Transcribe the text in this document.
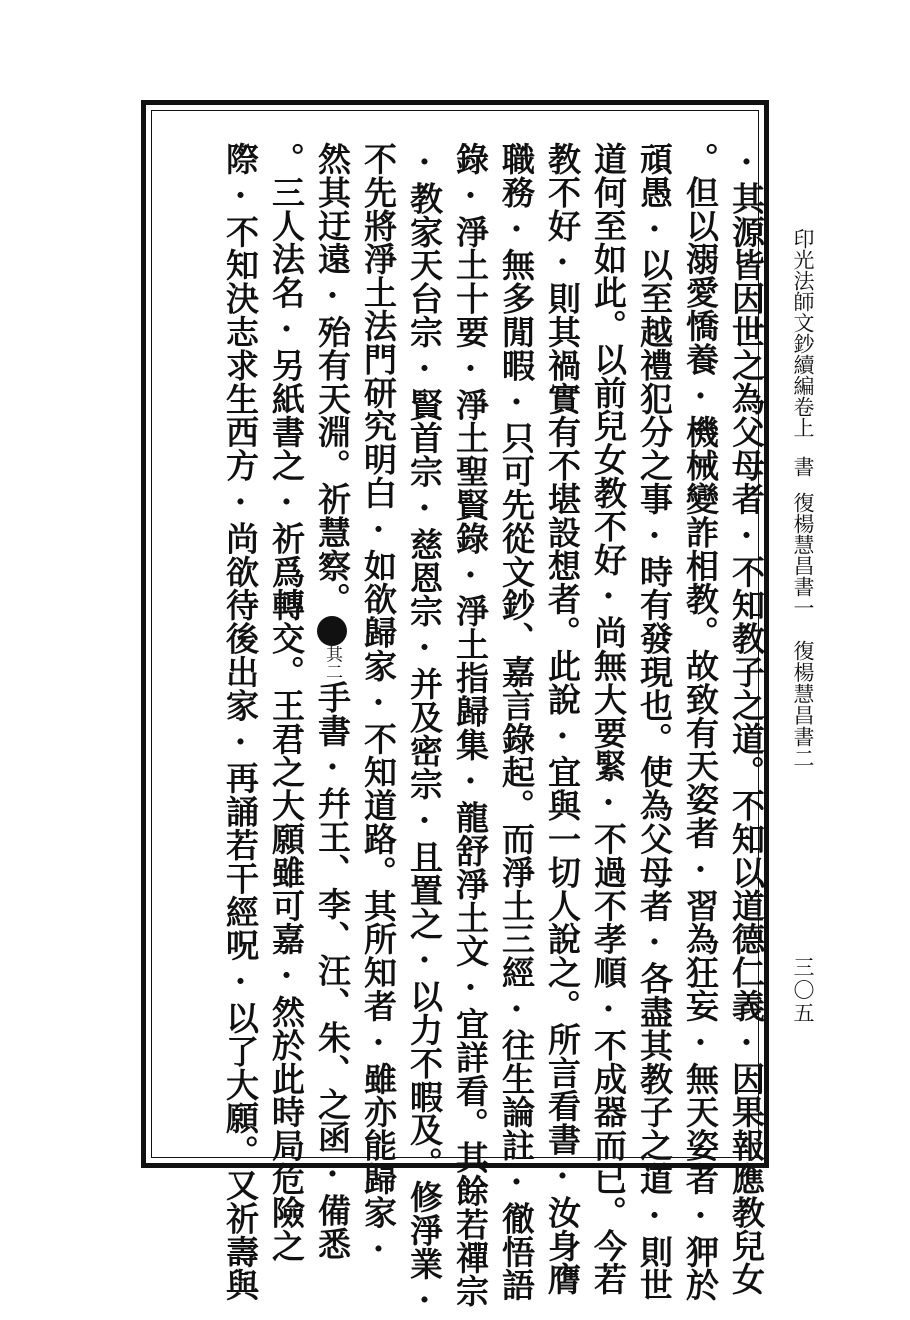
印光法師文鈔續編卷上
書
復楊慧昌書一
復楊慧昌書二
三〇五
·其源皆因世之為父母者·不知教子之道。不知以道德仁義·因果報應教兒女
。但以溺愛憍養·機械變詐相教。故致有天姿者·習為狂妄·無天姿者·狎於
頑愚·以至越禮犯分之事·時有發現也。使為父母者·各盡其教子之道·則世
道何至如此。以前兒女教不好·尚無大要緊·不過不孝順·不成器而已。今若
教不好·則其禍實有不堪設想者。此說·宜與一切人說之。所言看書·汝身膺
職務·無多閒暇·只可先從文鈔、嘉言錄起。而淨土三經·往生論註·徹悟語
錄·淨土十要·淨土聖賢錄·淨土指歸集·龍舒淨土文·宜詳看。其餘若禪宗
·教家天台宗·賢首宗·慈恩宗·并及密宗·且置之·以力不暇及。修淨業·
不先將淨土法門研究明白·如欲歸家·不知道路。其所知者·雖亦能歸家·
然其迂遠·殆有天淵。祈慧察。其二手書·幷王、李、汪、朱、之函·備悉
。三人法名·另紙書之·祈爲轉交。王君之大願雖可嘉·然於此時局危險之
際·不知決志求生西方·尚欲待後出家·再誦若干經呪·以了大願。又祈壽與
